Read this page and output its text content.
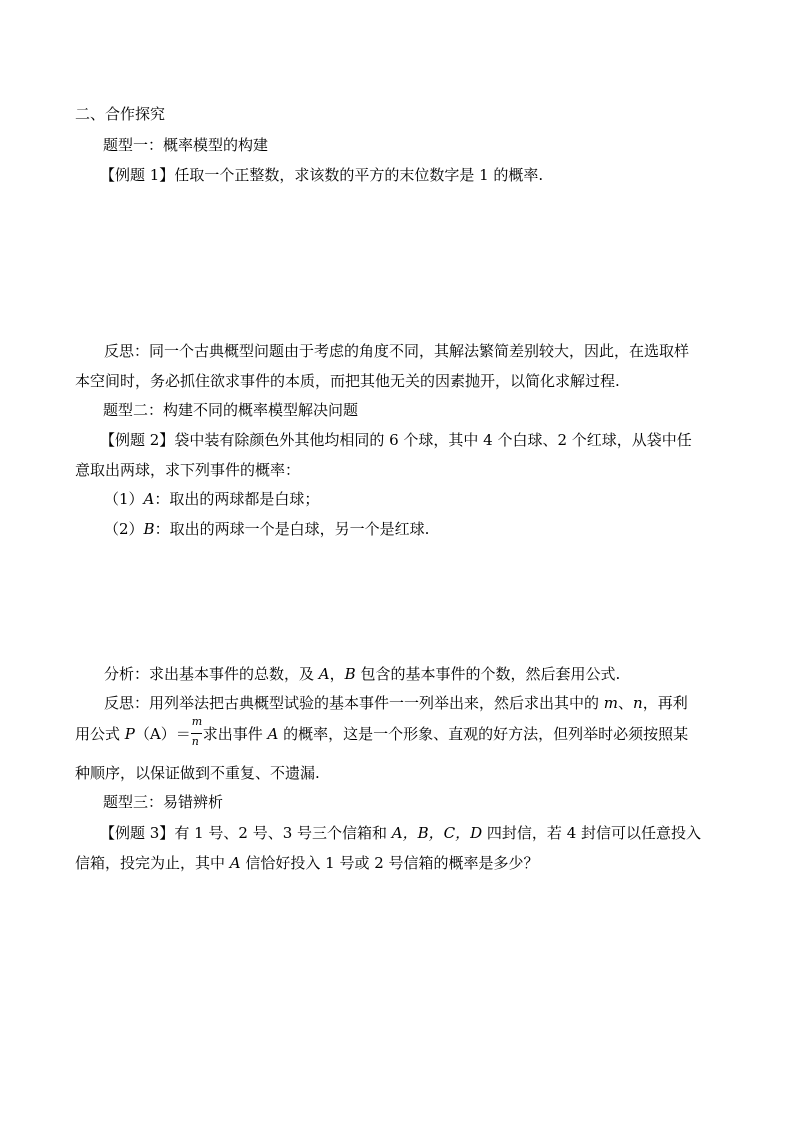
二、合作探究
题型一：概率模型的构建
【例题 1】任取一个正整数，求该数的平方的末位数字是 1 的概率.
反思：同一个古典概型问题由于考虑的角度不同，其解法繁简差别较大，因此，在选取样
本空间时，务必抓住欲求事件的本质，而把其他无关的因素抛开，以简化求解过程.
题型二：构建不同的概率模型解决问题
【例题 2】袋中装有除颜色外其他均相同的 6 个球，其中 4 个白球、2 个红球，从袋中任
意取出两球，求下列事件的概率：
（1）A：取出的两球都是白球；
（2）B：取出的两球一个是白球，另一个是红球.
分析：求出基本事件的总数，及 A，B 包含的基本事件的个数，然后套用公式.
反思：用列举法把古典概型试验的基本事件一一列举出来，然后求出其中的 m、n，再利
用公式 $P(A)= \frac{m}{n}$ 求出事件 A 的概率，这是一个形象、直观的好方法，但列举时必须按照某
种顺序，以保证做到不重复、不遗漏.
题型三：易错辨析
【例题 3】有 1 号、2 号、3 号三个信箱和 A，B，C，D 四封信，若 4 封信可以任意投入
信箱，投完为止，其中 A 信恰好投入 1 号或 2 号信箱的概率是多少？
